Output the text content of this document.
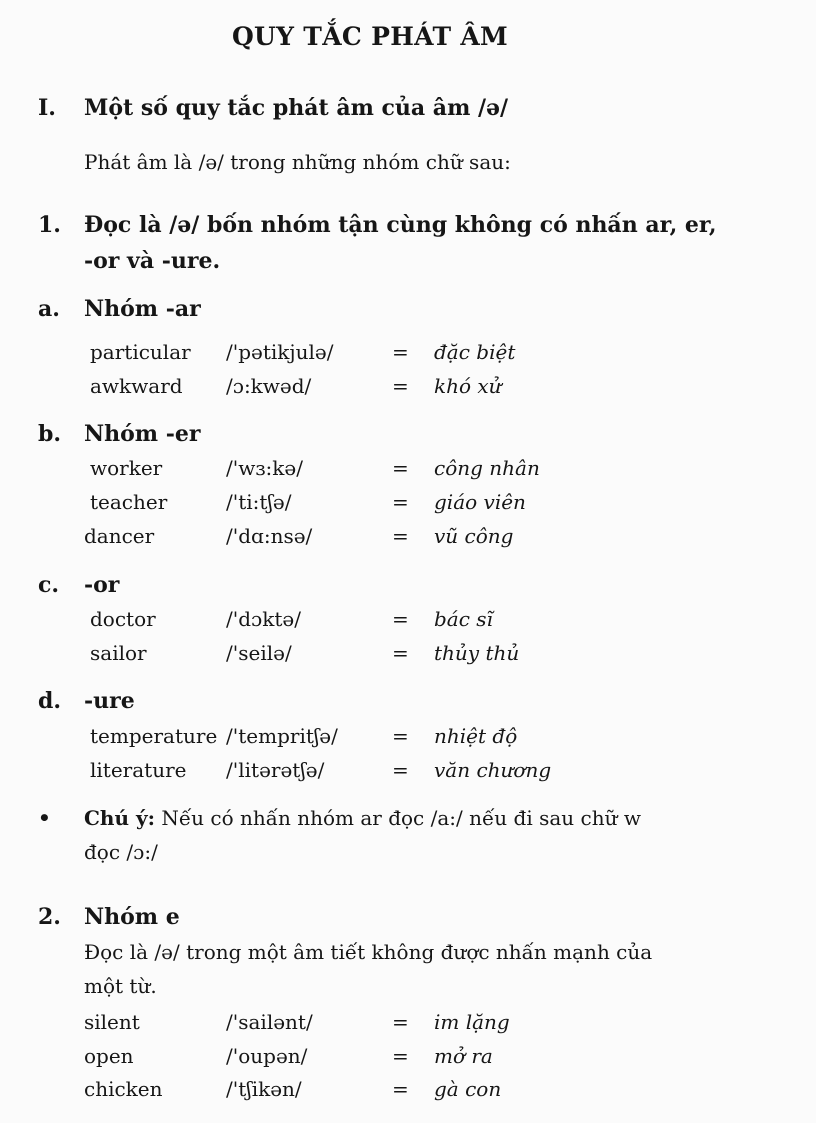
QUY TẮC PHÁT ÂM
I. Một số quy tắc phát âm của âm /ə/
Phát âm là /ə/ trong những nhóm chữ sau:
1. Đọc là /ə/ bốn nhóm tận cùng không có nhấn ar, er,
-or và -ure.
a. Nhóm -ar
particular /'pətikjulə/	= đặc biệt
awkward /ɔ:kwəd/	= khó xử
b. Nhóm -er
worker	/'wɜ:kə/	= công nhân
teacher	/'ti:tʃə/	= giáo viên
dancer	/'dɑ:nsə/	= vũ công
c. -or
doctor	/'dɔktə/	= bác sĩ
sailor	/'seilə/	= thủy thủ
d. -ure
temperature /'tempritʃə/	= nhiệt độ
literature /'litərətʃə/	= văn chương
• Chú ý: Nếu có nhấn nhóm ar đọc /a:/ nếu đi sau chữ w
đọc /ɔ:/
2. Nhóm e
Đọc là /ə/ trong một âm tiết không được nhấn mạnh của
một từ.
silent	/'sailənt/	= im lặng
open	/'oupən/	= mở ra
chicken	/'tʃikən/	= gà con
